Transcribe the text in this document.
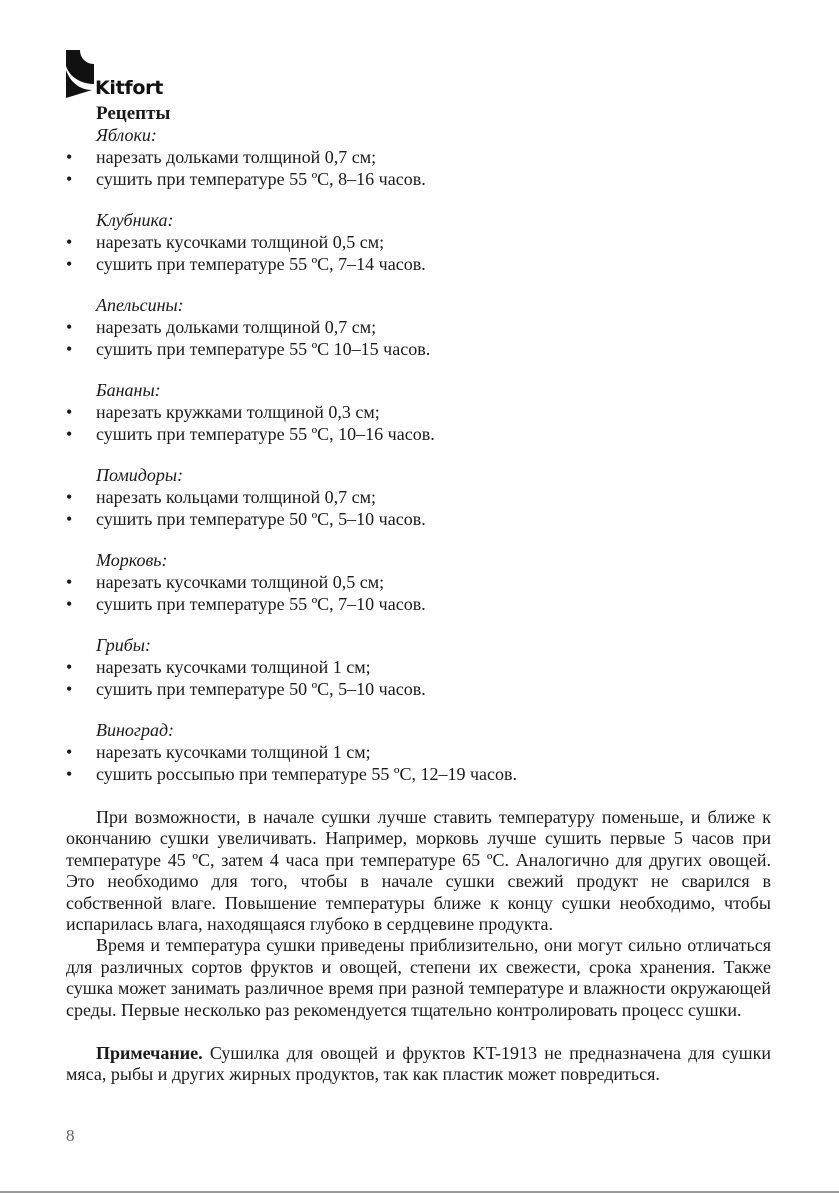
Kitfort
Рецепты
Яблоки:
• нарезать дольками толщиной 0,7 см;
• сушить при температуре 55 ºС, 8–16 часов.
Клубника:
• нарезать кусочками толщиной 0,5 см;
• сушить при температуре 55 ºС, 7–14 часов.
Апельсины:
• нарезать дольками толщиной 0,7 см;
• сушить при температуре 55 ºС 10–15 часов.
Бананы:
• нарезать кружками толщиной 0,3 см;
• сушить при температуре 55 ºС, 10–16 часов.
Помидоры:
• нарезать кольцами толщиной 0,7 см;
• сушить при температуре 50 ºС, 5–10 часов.
Морковь:
• нарезать кусочками толщиной 0,5 см;
• сушить при температуре 55 ºС, 7–10 часов.
Грибы:
• нарезать кусочками толщиной 1 см;
• сушить при температуре 50 ºС, 5–10 часов.
Виноград:
• нарезать кусочками толщиной 1 см;
• сушить россыпью при температуре 55 ºС, 12–19 часов.

При возможности, в начале сушки лучше ставить температуру поменьше, и ближе к окончанию сушки увеличивать. Например, морковь лучше сушить первые 5 часов при температуре 45 ºС, затем 4 часа при температуре 65 ºС. Аналогично для других овощей. Это необходимо для того, чтобы в начале сушки свежий продукт не сварился в собственной влаге. Повышение температуры ближе к концу сушки необходимо, чтобы испарилась влага, находящаяся глубоко в сердцевине продукта.

Время и температура сушки приведены приблизительно, они могут сильно отличаться для различных сортов фруктов и овощей, степени их свежести, срока хранения. Также сушка может занимать различное время при разной температуре и влажности окружающей среды. Первые несколько раз рекомендуется тщательно контролировать процесс сушки.

Примечание. Сушилка для овощей и фруктов KT-1913 не предназначена для сушки мяса, рыбы и других жирных продуктов, так как пластик может повредиться.

8
